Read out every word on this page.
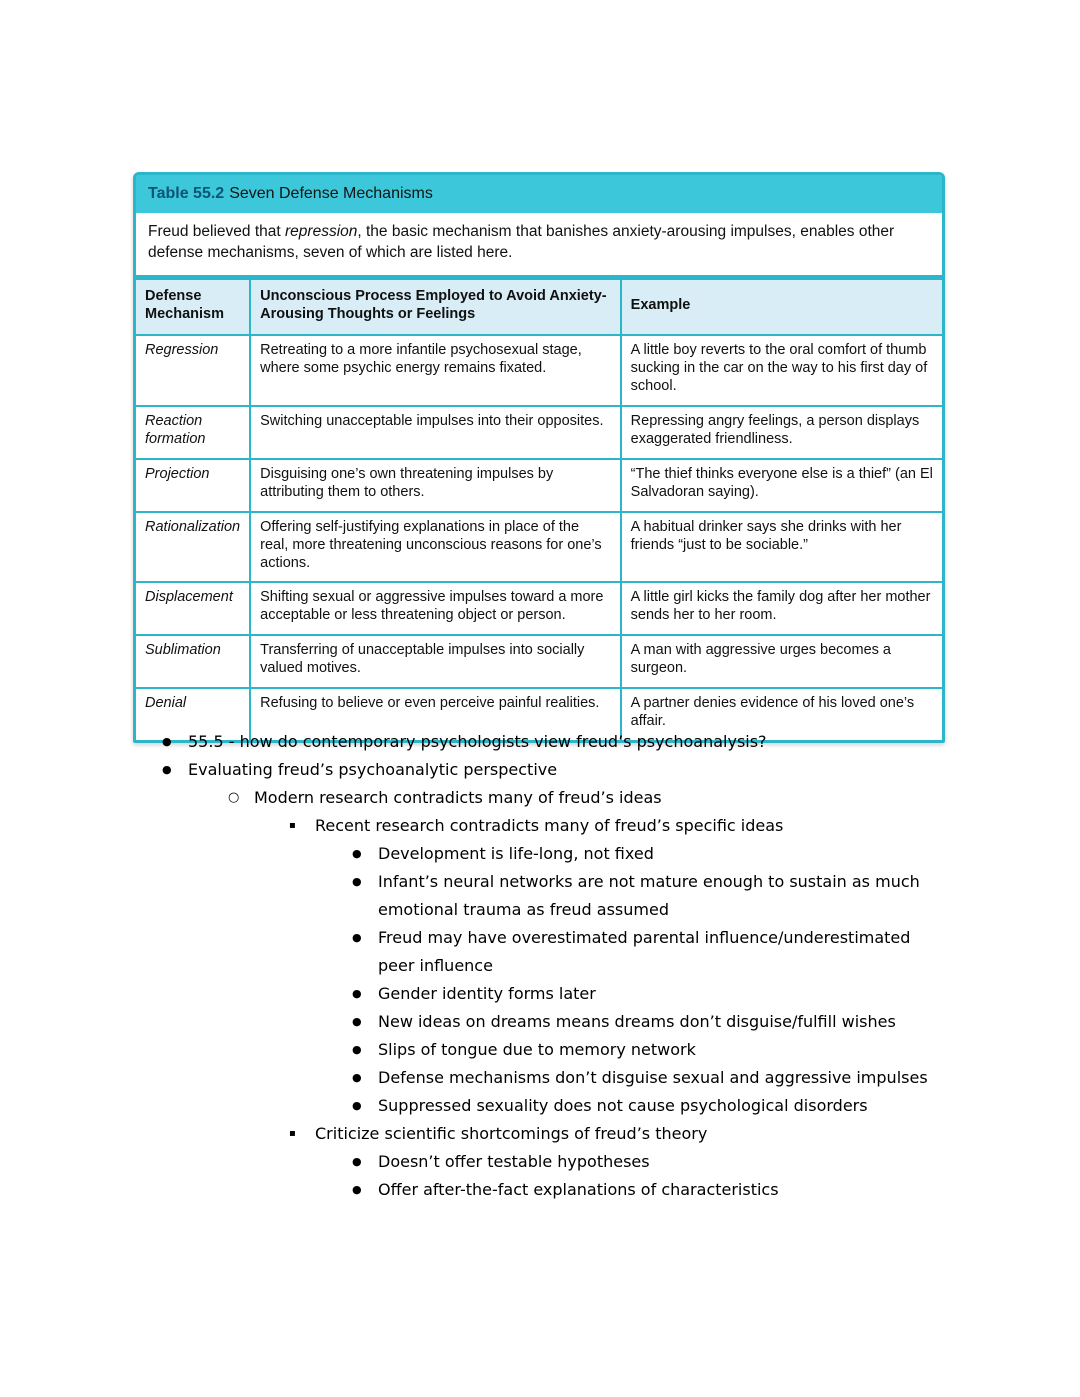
Table 55.2 Seven Defense Mechanisms
Freud believed that repression, the basic mechanism that banishes anxiety-arousing impulses, enables other defense mechanisms, seven of which are listed here.
Defense Mechanism	Unconscious Process Employed to Avoid Anxiety-Arousing Thoughts or Feelings	Example
Regression	Retreating to a more infantile psychosexual stage, where some psychic energy remains fixated.	A little boy reverts to the oral comfort of thumb sucking in the car on the way to his first day of school.
Reaction formation	Switching unacceptable impulses into their opposites.	Repressing angry feelings, a person displays exaggerated friendliness.
Projection	Disguising one’s own threatening impulses by attributing them to others.	“The thief thinks everyone else is a thief” (an El Salvadoran saying).
Rationalization	Offering self-justifying explanations in place of the real, more threatening unconscious reasons for one’s actions.	A habitual drinker says she drinks with her friends “just to be sociable.”
Displacement	Shifting sexual or aggressive impulses toward a more acceptable or less threatening object or person.	A little girl kicks the family dog after her mother sends her to her room.
Sublimation	Transferring of unacceptable impulses into socially valued motives.	A man with aggressive urges becomes a surgeon.
Denial	Refusing to believe or even perceive painful realities.	A partner denies evidence of his loved one’s affair.
●	55.5 - how do contemporary psychologists view freud’s psychoanalysis?
●	Evaluating freud’s psychoanalytic perspective
○ Modern research contradicts many of freud’s ideas
▪	Recent research contradicts many of freud’s specific ideas
●	Development is life-long, not fixed
●	Infant’s neural networks are not mature enough to sustain as much emotional trauma as freud assumed
●	Freud may have overestimated parental influence/underestimated peer influence
●	Gender identity forms later
●	New ideas on dreams means dreams don’t disguise/fulfill wishes
●	Slips of tongue due to memory network
●	Defense mechanisms don’t disguise sexual and aggressive impulses
●	Suppressed sexuality does not cause psychological disorders
▪	Criticize scientific shortcomings of freud’s theory
●	Doesn’t offer testable hypotheses
●	Offer after-the-fact explanations of characteristics
